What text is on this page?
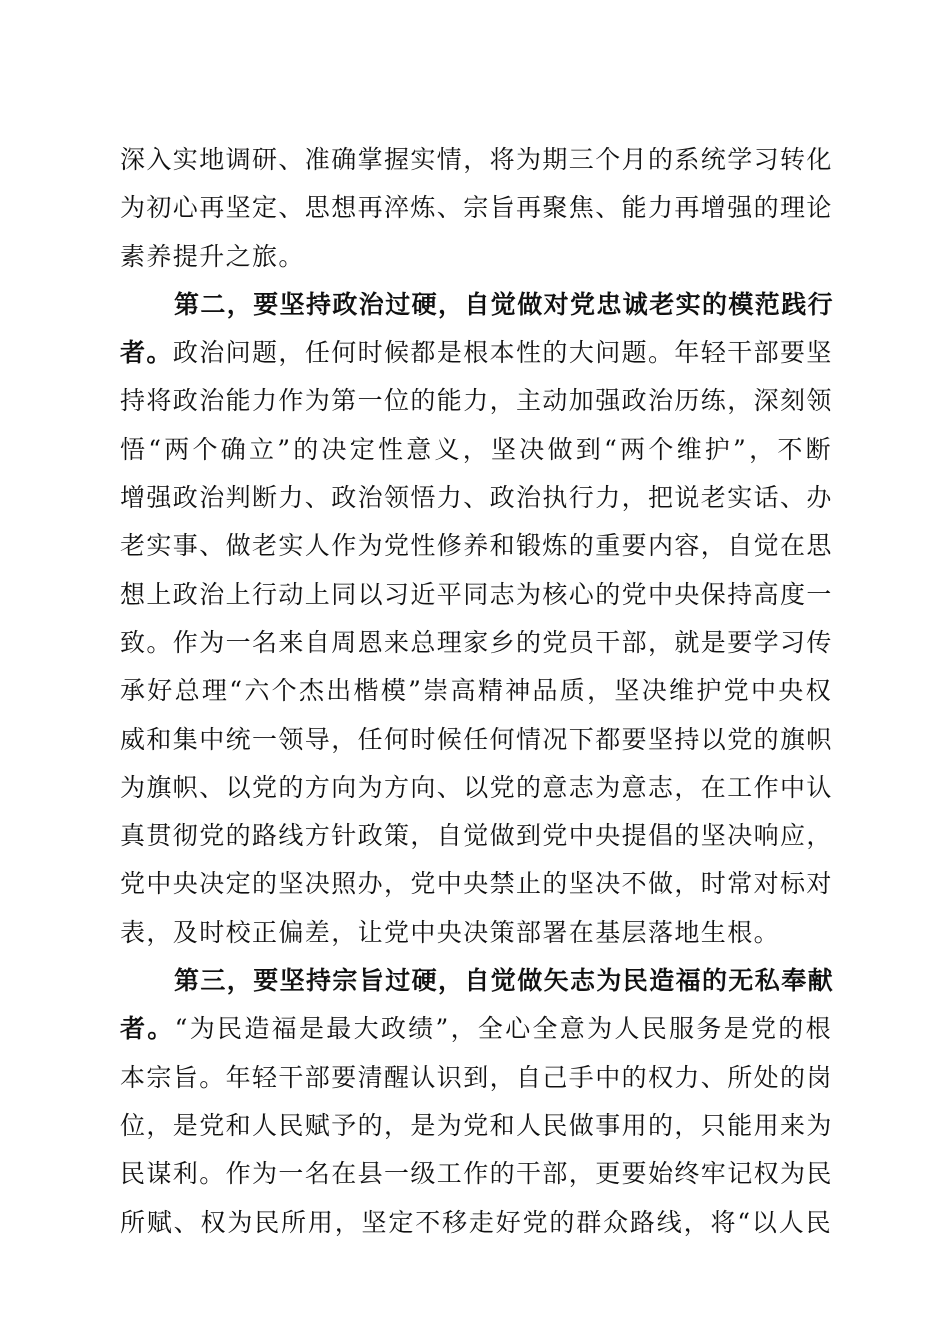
深入实地调研、准确掌握实情，将为期三个月的系统学习转化
为初心再坚定、思想再淬炼、宗旨再聚焦、能力再增强的理论
素养提升之旅。
第二，要坚持政治过硬，自觉做对党忠诚老实的模范践行
者。政治问题，任何时候都是根本性的大问题。年轻干部要坚
持将政治能力作为第一位的能力，主动加强政治历练，深刻领
悟“两个确立”的决定性意义，坚决做到“两个维护”，不断
增强政治判断力、政治领悟力、政治执行力，把说老实话、办
老实事、做老实人作为党性修养和锻炼的重要内容，自觉在思
想上政治上行动上同以习近平同志为核心的党中央保持高度一
致。作为一名来自周恩来总理家乡的党员干部，就是要学习传
承好总理“六个杰出楷模”崇高精神品质，坚决维护党中央权
威和集中统一领导，任何时候任何情况下都要坚持以党的旗帜
为旗帜、以党的方向为方向、以党的意志为意志，在工作中认
真贯彻党的路线方针政策，自觉做到党中央提倡的坚决响应，
党中央决定的坚决照办，党中央禁止的坚决不做，时常对标对
表，及时校正偏差，让党中央决策部署在基层落地生根。
第三，要坚持宗旨过硬，自觉做矢志为民造福的无私奉献
者。“为民造福是最大政绩”，全心全意为人民服务是党的根
本宗旨。年轻干部要清醒认识到，自己手中的权力、所处的岗
位，是党和人民赋予的，是为党和人民做事用的，只能用来为
民谋利。作为一名在县一级工作的干部，更要始终牢记权为民
所赋、权为民所用，坚定不移走好党的群众路线，将“以人民
